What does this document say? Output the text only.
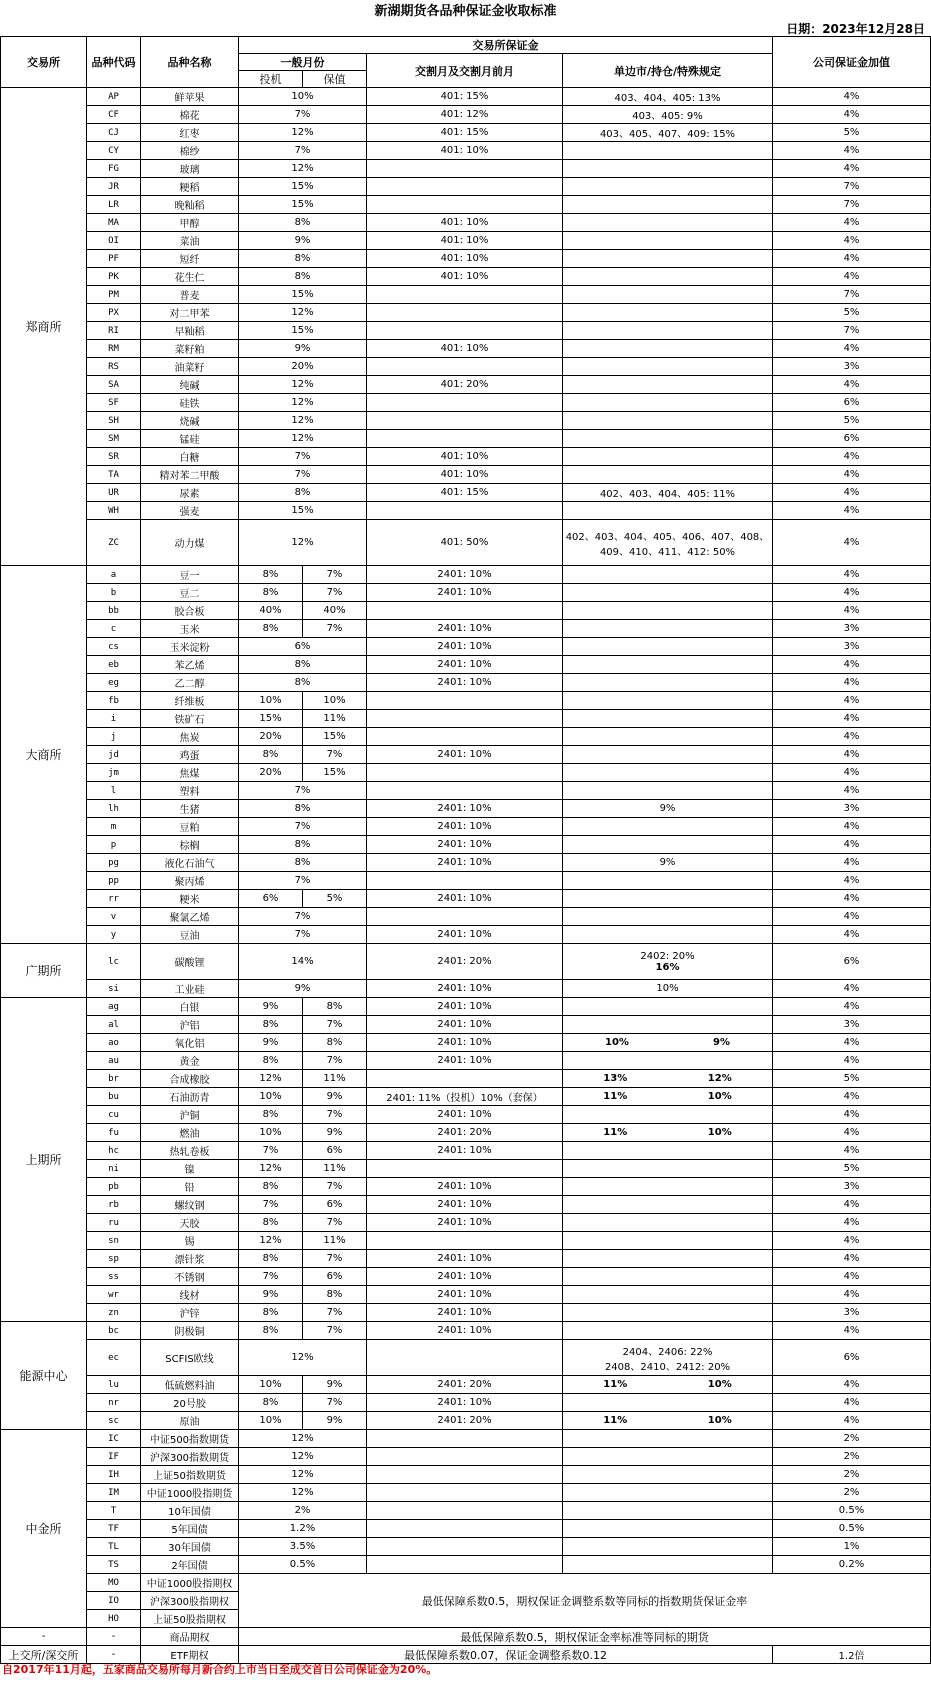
新湖期货各品种保证金收取标准
日期：2023年12月28日
交易所	品种代码	品种名称	交易所保证金				公司保证金加值
			一般月份		交割月及交割月前月	单边市/持仓/特殊规定	
			投机	保值			
郑商所	AP	鲜苹果	10%		401: 15%	403、404、405: 13%	4%
	CF	棉花	7%		401: 12%	403、405: 9%	4%
	CJ	红枣	12%		401: 15%	403、405、407、409: 15%	5%
	CY	棉纱	7%		401: 10%		4%
	FG	玻璃	12%				4%
	JR	粳稻	15%				7%
	LR	晚籼稻	15%				7%
	MA	甲醇	8%		401: 10%		4%
	OI	菜油	9%		401: 10%		4%
	PF	短纤	8%		401: 10%		4%
	PK	花生仁	8%		401: 10%		4%
	PM	普麦	15%				7%
	PX	对二甲苯	12%				5%
	RI	早籼稻	15%				7%
	RM	菜籽粕	9%		401: 10%		4%
	RS	油菜籽	20%				3%
	SA	纯碱	12%		401: 20%		4%
	SF	硅铁	12%				6%
	SH	烧碱	12%				5%
	SM	锰硅	12%				6%
	SR	白糖	7%		401: 10%		4%
	TA	精对苯二甲酸	7%		401: 10%		4%
	UR	尿素	8%		401: 15%	402、403、404、405: 11%	4%
	WH	强麦	15%				4%
	ZC	动力煤	12%		401: 50%	402、403、404、405、406、407、408、
409、410、411、412: 50%	4%
大商所	a	豆一	8%	7%	2401: 10%		4%
	b	豆二	8%	7%	2401: 10%		4%
	bb	胶合板	40%	40%			4%
	c	玉米	8%	7%	2401: 10%		3%
	cs	玉米淀粉	6%		2401: 10%		3%
	eb	苯乙烯	8%		2401: 10%		4%
	eg	乙二醇	8%		2401: 10%		4%
	fb	纤维板	10%	10%			4%
	i	铁矿石	15%	11%			4%
	j	焦炭	20%	15%			4%
	jd	鸡蛋	8%	7%	2401: 10%		4%
	jm	焦煤	20%	15%			4%
	l	塑料	7%				4%
	lh	生猪	8%		2401: 10%	9%	3%
	m	豆粕	7%		2401: 10%		4%
	p	棕榈	8%		2401: 10%		4%
	pg	液化石油气	8%		2401: 10%	9%	4%
	pp	聚丙烯	7%				4%
	rr	粳米	6%	5%	2401: 10%		4%
	v	聚氯乙烯	7%				4%
	y	豆油	7%		2401: 10%		4%
广期所	lc	碳酸锂	14%		2401: 20%	2402: 20%
16%	6%
	si	工业硅	9%		2401: 10%	10%	4%
上期所	ag	白银	9%	8%	2401: 10%		4%
	al	沪铝	8%	7%	2401: 10%		3%
	ao	氧化铝	9%	8%	2401: 10%	10% 9%	4%
	au	黄金	8%	7%	2401: 10%		4%
	br	合成橡胶	12%	11%		13% 12%	5%
	bu	石油沥青	10%	9%	2401: 11%（投机）10%（套保）	11% 10%	4%
	cu	沪铜	8%	7%	2401: 10%		4%
	fu	燃油	10%	9%	2401: 20%	11% 10%	4%
	hc	热轧卷板	7%	6%	2401: 10%		4%
	ni	镍	12%	11%			5%
	pb	铅	8%	7%	2401: 10%		3%
	rb	螺纹钢	7%	6%	2401: 10%		4%
	ru	天胶	8%	7%	2401: 10%		4%
	sn	锡	12%	11%			4%
	sp	漂针浆	8%	7%	2401: 10%		4%
	ss	不锈钢	7%	6%	2401: 10%		4%
	wr	线材	9%	8%	2401: 10%		4%
	zn	沪锌	8%	7%	2401: 10%		3%
能源中心	bc	阴极铜	8%	7%	2401: 10%		4%
	ec	SCFIS欧线	12%			2404、2406: 22%
2408、2410、2412: 20%	6%
	lu	低硫燃料油	10%	9%	2401: 20%	11% 10%	4%
	nr	20号胶	8%	7%	2401: 10%		4%
	sc	原油	10%	9%	2401: 20%	11% 10%	4%
中金所	IC	中证500指数期货	12%				2%
	IF	沪深300指数期货	12%				2%
	IH	上证50指数期货	12%				2%
	IM	中证1000股指期货	12%				2%
	T	10年国债	2%				0.5%
	TF	5年国债	1.2%				0.5%
	TL	30年国债	3.5%				1%
	TS	2年国债	0.5%				0.2%
	MO	中证1000股指期权	最低保障系数0.5，期权保证金调整系数等同标的指数期货保证金率				
	IO	沪深300股指期权					
	HO	上证50股指期权					
-	-	商品期权	最低保障系数0.5，期权保证金率标准等同标的期货				
上交所/深交所	-	ETF期权	最低保障系数0.07，保证金调整系数0.12				1.2倍
自2017年11月起，五家商品交易所每月新合约上市当日至成交首日公司保证金为20%。
